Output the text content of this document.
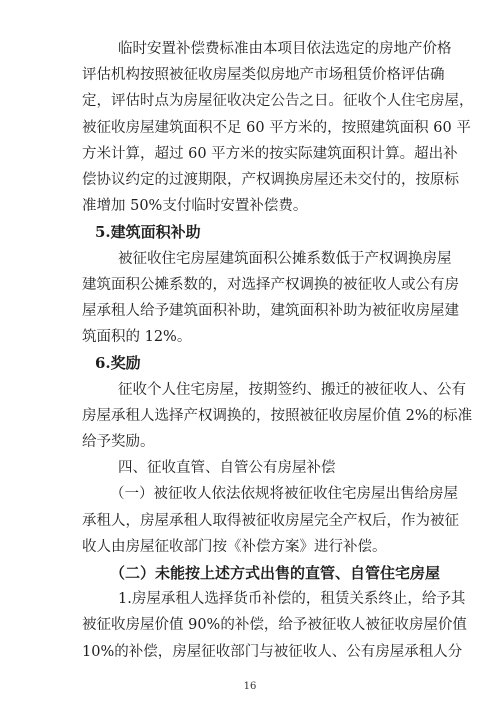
临时安置补偿费标准由本项目依法选定的房地产价格
评估机构按照被征收房屋类似房地产市场租赁价格评估确
定，评估时点为房屋征收决定公告之日。征收个人住宅房屋，
被征收房屋建筑面积不足 60 平方米的，按照建筑面积 60 平
方米计算，超过 60 平方米的按实际建筑面积计算。超出补
偿协议约定的过渡期限，产权调换房屋还未交付的，按原标
准增加 50%支付临时安置补偿费。
5.建筑面积补助
被征收住宅房屋建筑面积公摊系数低于产权调换房屋
建筑面积公摊系数的，对选择产权调换的被征收人或公有房
屋承租人给予建筑面积补助，建筑面积补助为被征收房屋建
筑面积的 12%。
6.奖励
征收个人住宅房屋，按期签约、搬迁的被征收人、公有
房屋承租人选择产权调换的，按照被征收房屋价值 2%的标准
给予奖励。
四、征收直管、自管公有房屋补偿
（一）被征收人依法依规将被征收住宅房屋出售给房屋
承租人，房屋承租人取得被征收房屋完全产权后，作为被征
收人由房屋征收部门按《补偿方案》进行补偿。
（二）未能按上述方式出售的直管、自管住宅房屋
1.房屋承租人选择货币补偿的，租赁关系终止，给予其
被征收房屋价值 90%的补偿，给予被征收人被征收房屋价值
10%的补偿，房屋征收部门与被征收人、公有房屋承租人分
16
